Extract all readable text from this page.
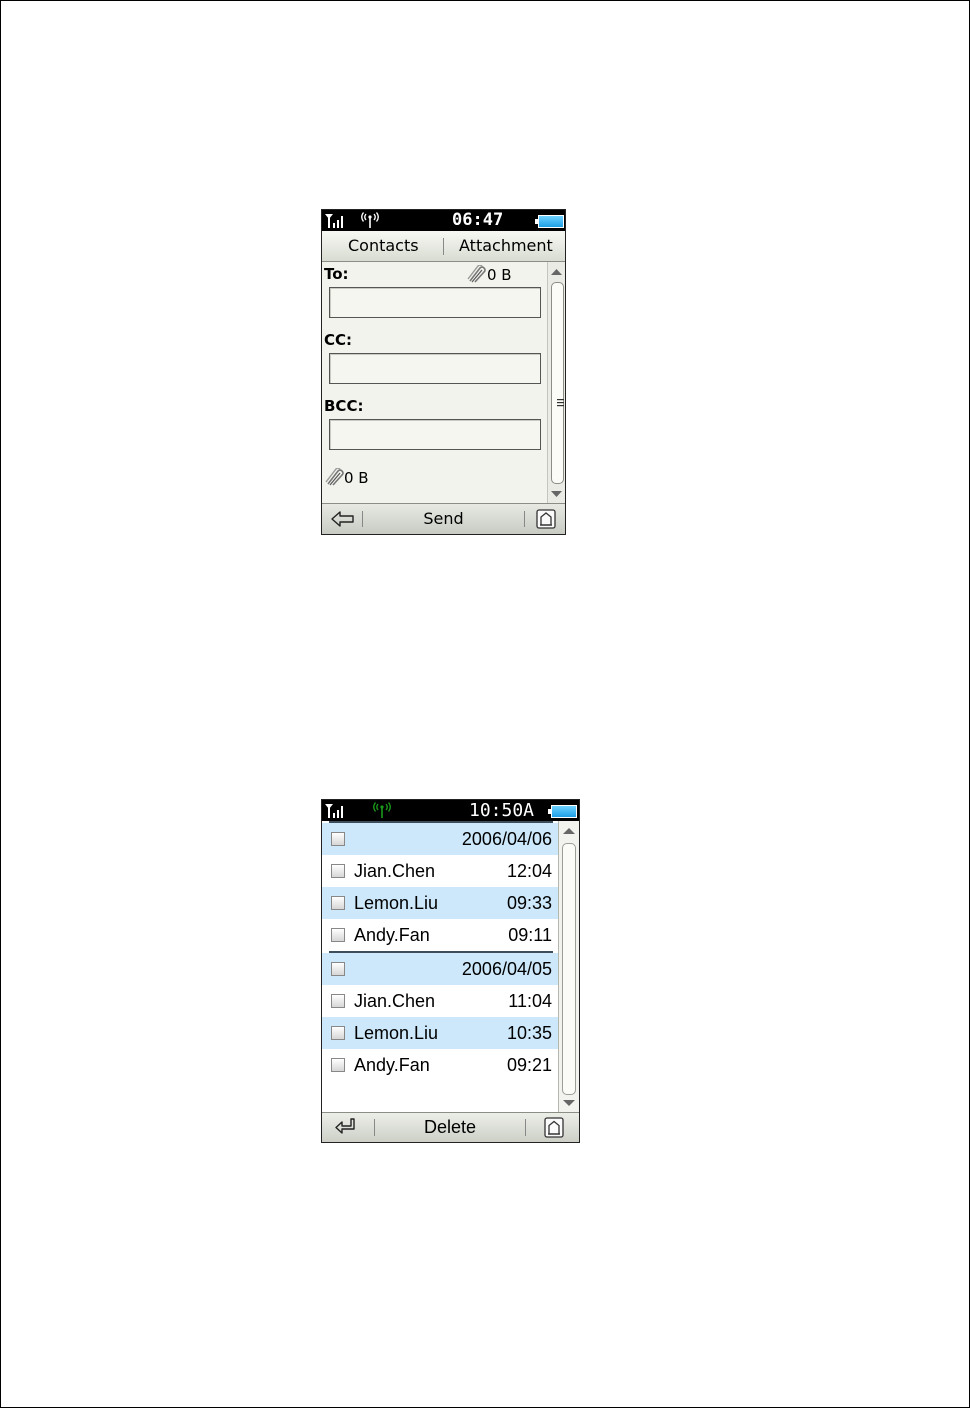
06:47
Contacts	Attachment
To:	0 B
CC:
BCC:
0 B
Send
10:50A
2006/04/06
Jian.Chen	12:04
Lemon.Liu	09:33
Andy.Fan	09:11
2006/04/05
Jian.Chen	11:04
Lemon.Liu	10:35
Andy.Fan	09:21
Delete
